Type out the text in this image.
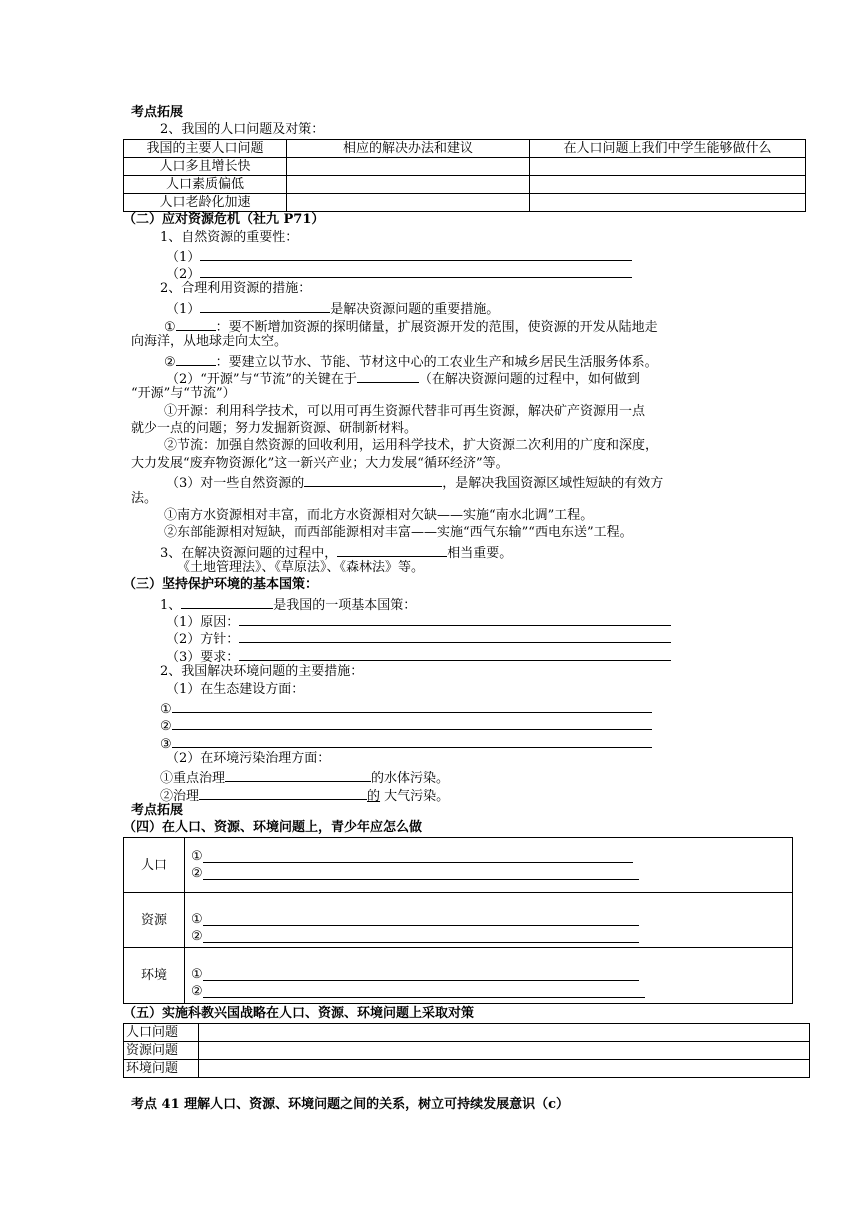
考点拓展
2、我国的人口问题及对策：
我国的主要人口问题	相应的解决办法和建议	在人口问题上我们中学生能够做什么
人口多且增长快		
人口素质偏低		
人口老龄化加速		
（二）应对资源危机（社九 P71）
1、自然资源的重要性：
（1）
（2）
2、合理利用资源的措施：
（1）	是解决资源问题的重要措施。
①	：要不断增加资源的探明储量，扩展资源开发的范围，使资源的开发从陆地走
向海洋，从地球走向太空。
②	：要建立以节水、节能、节材这中心的工农业生产和城乡居民生活服务体系。
（2）“开源”与“节流”的关键在于	（在解决资源问题的过程中，如何做到
“开源”与“节流”）
①开源：利用科学技术，可以用可再生资源代替非可再生资源，解决矿产资源用一点
就少一点的问题；努力发掘新资源、研制新材料。
②节流：加强自然资源的回收利用，运用科学技术，扩大资源二次利用的广度和深度，
大力发展“废弃物资源化”这一新兴产业；大力发展“循环经济”等。
（3）对一些自然资源的	，是解决我国资源区域性短缺的有效方
法。
①南方水资源相对丰富，而北方水资源相对欠缺——实施“南水北调”工程。
②东部能源相对短缺，而西部能源相对丰富——实施“西气东输”“西电东送”工程。
3、在解决资源问题的过程中，	相当重要。
《土地管理法》、《草原法》、《森林法》等。
（三）坚持保护环境的基本国策：
1、	是我国的一项基本国策：
（1）原因：
（2）方针：
（3）要求：
2、我国解决环境问题的主要措施：
（1）在生态建设方面：
①
②
③
（2）在环境污染治理方面：
①重点治理	的水体污染。
②治理	的 大气污染。
考点拓展
（四）在人口、资源、环境问题上，青少年应怎么做
人口	①
②

资源	①
②

环境	①
②
（五）实施科教兴国战略在人口、资源、环境问题上采取对策
人口问题	
资源问题	
环境问题	
考点 41 理解人口、资源、环境问题之间的关系，树立可持续发展意识（c）
